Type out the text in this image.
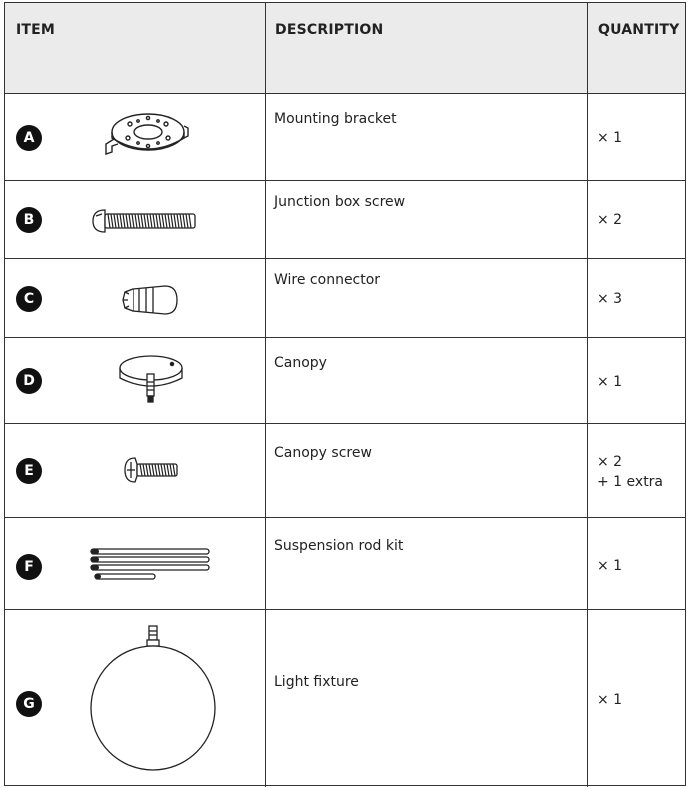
ITEM	DESCRIPTION	QUANTITY
A
Mounting bracket
× 1
B
Junction box screw
× 2
C
Wire connector
× 3
D
Canopy
× 1
E
Canopy screw
× 2
+ 1 extra
F
Suspension rod kit
× 1
G
Light fixture
× 1
